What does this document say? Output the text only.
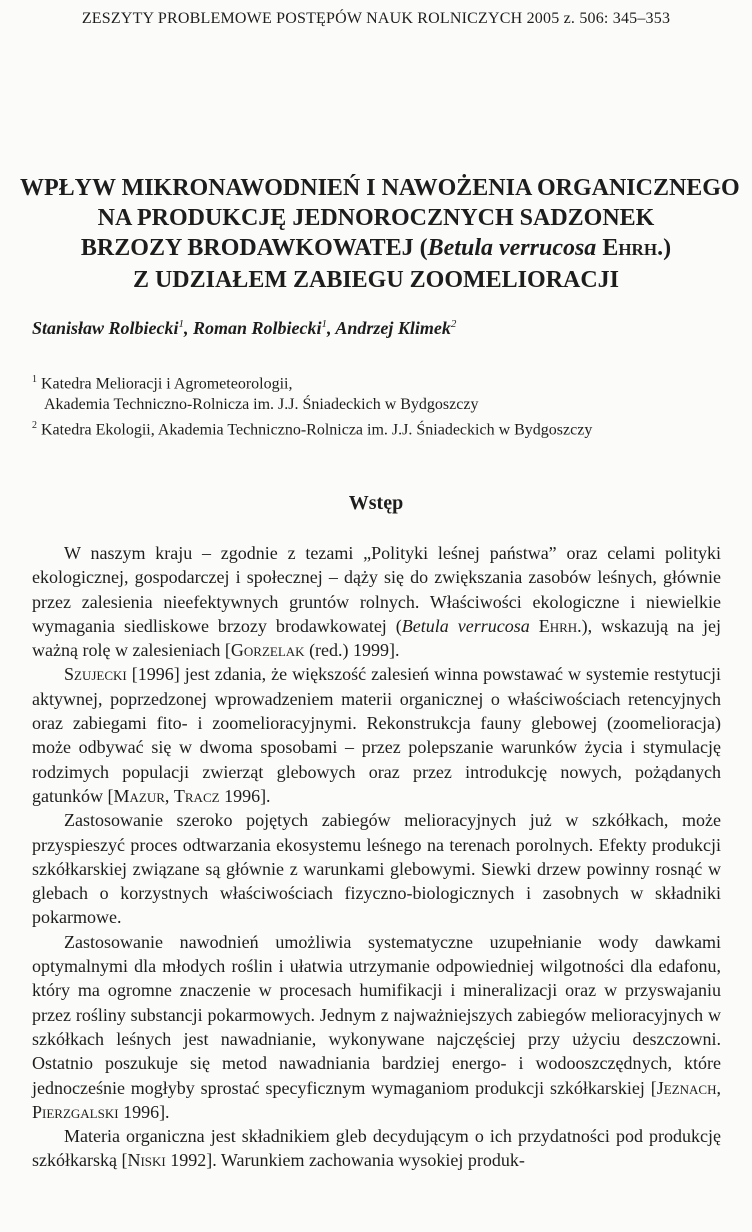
ZESZYTY PROBLEMOWE POSTĘPÓW NAUK ROLNICZYCH 2005 z. 506: 345–353
WPŁYW MIKRONAWODNIEŃ I NAWOŻENIA ORGANICZNEGO
NA PRODUKCJĘ JEDNOROCZNYCH SADZONEK
BRZOZY BRODAWKOWATEJ (Betula verrucosa EHRH.)
Z UDZIAŁEM ZABIEGU ZOOMELIORACJI
Stanisław Rolbiecki$^1$, Roman Rolbiecki$^1$, Andrzej Klimek$^2$
$^1$ Katedra Melioracji i Agrometeorologii,
Akademia Techniczno-Rolnicza im. J.J. Śniadeckich w Bydgoszczy
$^2$ Katedra Ekologii, Akademia Techniczno-Rolnicza im. J.J. Śniadeckich w Bydgoszczy
Wstęp

W naszym kraju – zgodnie z tezami „Polityki leśnej państwa” oraz celami polityki ekologicznej, gospodarczej i społecznej – dąży się do zwiększania zasobów leśnych, głównie przez zalesienia nieefektywnych gruntów rolnych. Właściwości ekologiczne i niewielkie wymagania siedliskowe brzozy brodawkowatej (Betula verrucosa Ehrh.), wskazują na jej ważną rolę w zalesieniach [Gorzelak (red.) 1999].

Szujecki [1996] jest zdania, że większość zalesień winna powstawać w systemie restytucji aktywnej, poprzedzonej wprowadzeniem materii organicznej o właściwościach retencyjnych oraz zabiegami fito- i zoomelioracyjnymi. Rekonstrukcja fauny glebowej (zoomelioracja) może odbywać się w dwoma sposobami – przez polepszanie warunków życia i stymulację rodzimych populacji zwierząt glebowych oraz przez introdukcję nowych, pożądanych gatunków [Mazur, Tracz 1996].

Zastosowanie szeroko pojętych zabiegów melioracyjnych już w szkółkach, może przyspieszyć proces odtwarzania ekosystemu leśnego na terenach porolnych. Efekty produkcji szkółkarskiej związane są głównie z warunkami glebowymi. Siewki drzew powinny rosnąć w glebach o korzystnych właściwościach fizyczno-biologicznych i zasobnych w składniki pokarmowe.

Zastosowanie nawodnień umożliwia systematyczne uzupełnianie wody dawkami optymalnymi dla młodych roślin i ułatwia utrzymanie odpowiedniej wilgotności dla edafonu, który ma ogromne znaczenie w procesach humifikacji i mineralizacji oraz w przyswajaniu przez rośliny substancji pokarmowych. Jednym z najważniejszych zabiegów melioracyjnych w szkółkach leśnych jest nawadnianie, wykonywane najczęściej przy użyciu deszczowni. Ostatnio poszukuje się metod nawadniania bardziej energo- i wodooszczędnych, które jednocześnie mogłyby sprostać specyficznym wymaganiom produkcji szkółkarskiej [Jeznach, Pierzgalski 1996].

Materia organiczna jest składnikiem gleb decydującym o ich przydatności pod produkcję szkółkarską [Niski 1992]. Warunkiem zachowania wysokiej produk-
